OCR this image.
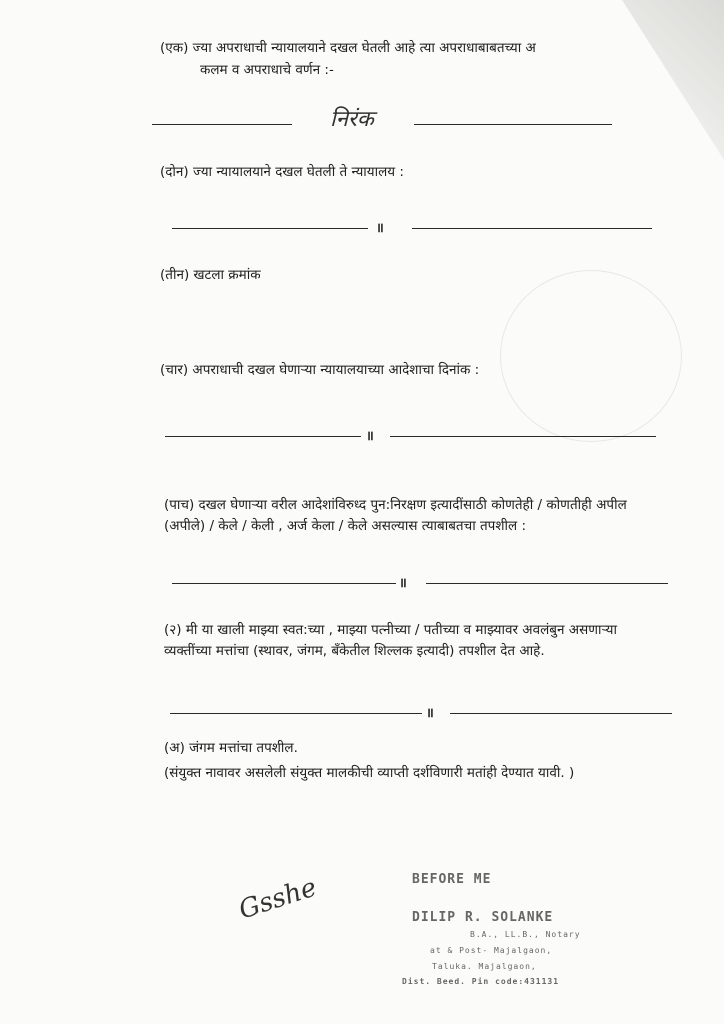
(एक) ज्या अपराधाची न्यायालयाने दखल घेतली आहे त्या अपराधाबाबतच्या अ
कलम व अपराधाचे वर्णन :-
निरंक
(दोन) ज्या न्यायालयाने दखल घेतली ते न्यायालय :
॥
(तीन) खटला क्रमांक
(चार) अपराधाची दखल घेणाऱ्या न्यायालयाच्या आदेशाचा दिनांक :
॥
(पाच) दखल घेणाऱ्या वरील आदेशांविरुध्द पुन:निरक्षण इत्यादींसाठी कोणतेही / कोणतीही अपील (अपीले) / केले / केली , अर्ज केला / केले असल्यास त्याबाबतचा तपशील :
॥
(२) मी या खाली माझ्या स्वत:च्या , माझ्या पत्नीच्या / पतीच्या व माझ्यावर अवलंबुन असणाऱ्या व्यक्तींच्या मत्तांचा (स्थावर, जंगम, बँकेतील शिल्लक इत्यादी) तपशील देत आहे.
॥
(अ) जंगम मत्तांचा तपशील.
(संयुक्त नावावर असलेली संयुक्त मालकीची व्याप्ती दर्शविणारी मतांही देण्यात यावी. )
Gsshe	BEFORE ME
DILIP R. SOLANKE
B.A., LL.B., Notary
at & Post- Majalgaon,
Taluka. Majalgaon,
Dist. Beed. Pin code:431131
